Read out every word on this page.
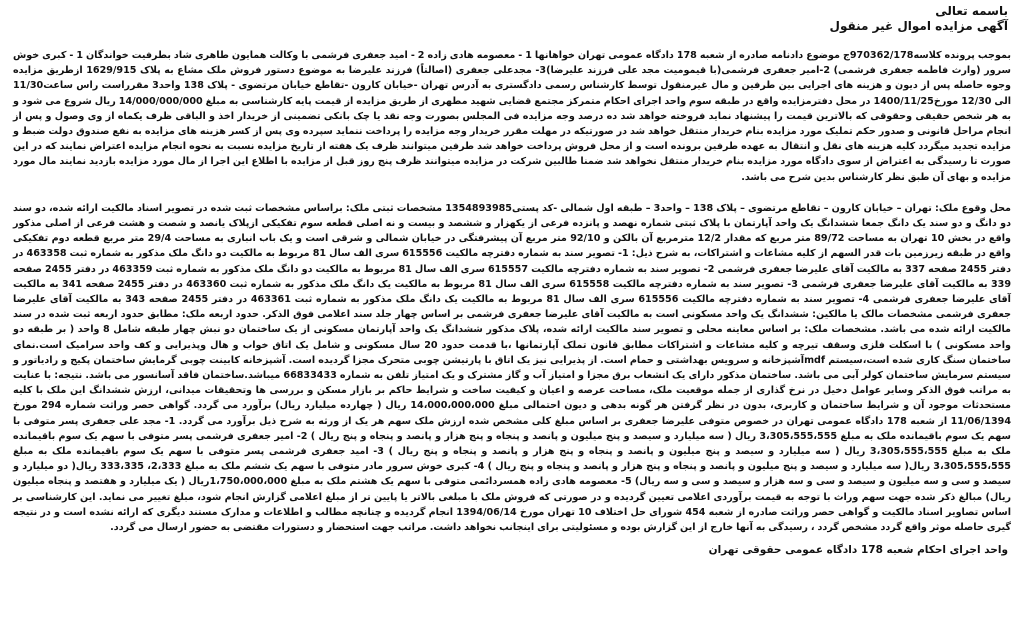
باسمه تعالی
آگهی مزایده اموال غیر منقول

بموجب پرونده کلاسه970362/178ج موضوع دادنامه صادره از شعبه 178 دادگاه عمومی تهران خواهانها 1 - معصومه هادی زاده 2 - امید جعفری فرشمی با وکالت همایون طاهری شاد بطرفیت خواندگان 1 - کبری خوش سرور (وارث فاطمه جعفری فرشمی) 2-امیر جعفری فرشمی(با قیمومیت مجد علی فرزند علیرضا)3- مجدعلی جعفری (اصالتاً) فرزند علیرضا به موضوع دستور فروش ملک مشاع به پلاک 1629/915 ازطریق مزایده وجوه حاصله پس از دیون و هزینه های اجرایی بین طرفین و مال غیرمنقول توسط کارشناس رسمی دادگستری به آدرس تهران -خیابان کارون -تقاطع خیابان مرتضوی - پلاک 138 واحد3 مقرراست راس ساعت11/30 الی 12/30 مورخ1400/11/25 در محل دفترمزایده واقع در طبقه سوم واحد اجرای احکام متمرکز مجتمع قضایی شهید مطهری از طریق مزایده از قیمت پایه کارشناسی به مبلغ 14/000/000/000 ریال شروع می شود و به هر شخص حقیقی وحقوقی که بالاترین قیمت را پیشنهاد نماید فروخته خواهد شد ده درصد وجه مزایده فی المجلس بصورت وجه نقد یا چک بانکی تضمینی از خریدار اخذ و الباقی ظرف یکماه از وی وصول و پس از انجام مراحل قانونی و صدور حکم تملیک مورد مزایده بنام خریدار منتقل خواهد شد در صورتیکه در مهلت مقرر خریدار وجه مزایده را پرداخت ننماید سپرده وی پس از کسر هزینه های مزایده به نفع صندوق دولت ضبط و مزایده تجدید میگردد کلیه هزینه های نقل و انتقال به عهده طرفین برونده است و از محل فروش پرداخت خواهد شد طرفین میتوانند ظرف یک هفته از تاریخ مزایده نسبت به نحوه انجام مزایده اعتراض نمایند که در این صورت تا رسیدگی به اعتراض از سوی دادگاه مورد مزایده بنام خریدار منتقل نخواهد شد ضمنا طالبین شرکت در مزایده میتوانند ظرف پنج روز قبل از مزایده با اطلاع این اجرا از مال مورد مزایده بازدید نمایند مال مورد مزایده و بهای آن طبق نظر کارشناس بدین شرح می باشد.

محل وقوع ملک: تهران – خیابان کارون – تقاطع مرتضوی – پلاک 138 – واحد3 – طبقه اول شمالی -کد پستی1354893985 مشخصات ثبتی ملک: براساس مشخصات ثبت شده در تصویر اسناد مالکیت ارائه شده، دو سند دو دانگ و دو سند یک دانگ جمعا ششدانگ یک واحد آپارتمان با پلاک ثبتی شماره نهصد و پانزده فرعی از یکهزار و ششصد و بیست و نه اصلی قطعه سوم تفکیکی ازپلاک یانصد و شصت و هشت فرعی از اصلی مذکور واقع در بخش 10 تهران به مساحت 89/72 متر مربع که مقدار 12/2 مترمربع آن بالکن و 92/10 متر مربع آن پیشرفتگی در خیابان شمالی و شرقی است و یک باب انباری به مساحت 29/4 متر مربع قطعه دوم تفکیکی واقع در طبقه زیرزمین بات قدر السهم از کلیه مشاعات و اشتراکات، به شرح ذیل: 1- تصویر سند به شماره دفترچه مالکیت 615556 سری الف سال 81 مربوط به مالکیت دو دانگ ملک مذکور به شماره ثبت 463358 در دفتر 2455 صفحه 337 به مالکیت آقای علیرضا جعفری فرشمی 2- تصویر سند به شماره دفترچه مالکیت 615557 سری الف سال 81 مربوط به مالکیت دو دانگ ملک مذکور به شماره ثبت 463359 در دفتر 2455 صفحه 339 به مالکیت آقای علیرضا جعفری فرشمی 3- تصویر سند به شماره دفترچه مالکیت 615558 سری الف سال 81 مربوط به مالکیت یک دانگ ملک مذکور به شماره ثبت 463360 در دفتر 2455 صفحه 341 به مالکیت آقای علیرضا جعفری فرشمی 4- تصویر سند به شماره دفترچه مالکیت 615556 سری الف سال 81 مربوط به مالکیت یک دانگ ملک مذکور به شماره ثبت 463361 در دفتر 2455 صفحه 343 به مالکیت آقای علیرضا جعفری فرشمی مشخصات مالک یا مالکین: ششدانگ یک واحد مسکونی است به مالکیت آقای علیرضا جعفری فرشمی بر اساس چهار جلد سند اعلامی فوق الذکر. حدود اربعه ملک: مطابق حدود اربعه ثبت شده در سند مالکیت ارائه شده می باشد. مشخصات ملک: بر اساس معاینه محلی و تصویر سند مالکیت ارائه شده، پلاک مذکور ششدانگ یک واحد آپارتمان مسکونی از یک ساختمان دو نبش چهار طبقه شامل 8 واحد ( بر طبقه دو واحد مسکونی ) با اسکلت فلزی وسقف تیرچه و کلیه مشاعات و اشتراکات مطابق قانون تملک آپارتمانها ،با قدمت حدود 20 سال مسکونی و شامل یک اتاق خواب و هال وپذیرایی و کف واحد سرامیک است.نمای ساختمان سنگ کاری شده است،سیستم mdfآشپزخانه و سرویس بهداشتی و حمام است. از پذیرایی نیز یک اتاق با پارتیشن چوبی متحرک مجزا گردیده است. آشپزخانه کابینت چوبی گرمایش ساختمان پکیج و رادیاتور و سیستم سرمایش ساختمان کولر آبی می باشد. ساختمان مذکور دارای یک انشعاب برق مجزا و امتیاز آب و گاز مشترک و یک امتیاز تلفن به شماره 66833433 میباشد.ساختمان فاقد آسانسور می باشد. نتیجه: با عنایت به مراتب فوق الذکر وسایر عوامل دخیل در نرخ گذاری از جمله موقعیت ملک، مساحت عرصه و اعیان و کیفیت ساخت و شرایط حاکم بر بازار مسکن و بررسی ها وتحقیقات میدانی، ارزش ششدانگ این ملک با کلیه مستحدثات موجود آن و شرایط ساختمان و کاربری، بدون در نظر گرفتن هر گونه بدهی و دیون احتمالی مبلغ 14،000،000،000 ریال ( چهارده میلیارد ریال) برآورد می گردد. گواهی حصر وراثت شماره 294 مورخ 11/06/1394 از شعبه 178 دادگاه عمومی تهران در خصوص متوفی علیرضا جعفری بر اساس مبلغ کلی مشخص شده ارزش ملک سهم هر یک از ورثه به شرح ذیل برآورد می گردد. 1- مجد علی جعفری پسر متوفی با سهم یک سوم باقیمانده ملک به مبلغ 3،305،555،555 ریال ( سه میلیارد و سیصد و پنج میلیون و پانصد و پنجاه و پنج هزار و پانصد و پنجاه و پنج ریال ) 2- امیر جعفری فرشمی پسر متوفی با سهم یک سوم باقیمانده ملک به مبلغ 3،305،555،555 ریال ( سه میلیارد و سیصد و پنج میلیون و پانصد و پنجاه و پنج هزار و پانصد و پنجاه و پنج ریال ) 3- امید جعفری فرشمی پسر متوفی با سهم یک سوم باقیمانده ملک به مبلغ 3،305،555،555 ریال( سه میلیارد و سیصد و پنج میلیون و پانصد و پنجاه و پنج هزار و پانصد و پنجاه و پنج ریال ) 4- کبری خوش سرور مادر متوفی با سهم یک ششم ملک به مبلغ 2،333، 333،335 ریال( دو میلیارد و سیصد و سی و سه میلیون و سیصد و سی و سه هزار و سیصد و سی و سه ریال) 5- معصومه هادی زاده همسردائمی متوفی با سهم یک هشتم ملک به مبلغ 1،750،000،000ریال ( یک میلیارد و هفتصد و پنجاه میلیون ریال) مبالغ ذکر شده جهت سهم وراث با توجه به قیمت برآوردی اعلامی تعیین گردیده و در صورتی که فروش ملک با مبلغی بالاتر یا پایین تر از مبلغ اعلامی گزارش انجام شود، مبلغ تغییر می نماید. این کارشناسی بر اساس تصاویر اسناد مالکیت و گواهی حصر وراثت صادره از شعبه 454 شورای حل اختلاف 10 تهران مورخ 1394/06/14 انجام گردیده و چنانچه مطالب و اطلاعات و مدارک مستند دیگری که ارائه نشده است و در نتیجه گیری حاصله موثر واقع گردد مشخص گردد ، رسیدگی به آنها خارج از این گزارش بوده و مسئولیتی برای اینجانب نخواهد داشت. مراتب جهت استحضار و دستورات مقتضی به حضور ارسال می گردد.

واحد اجرای احکام شعبه 178 دادگاه عمومی حقوقی تهران
